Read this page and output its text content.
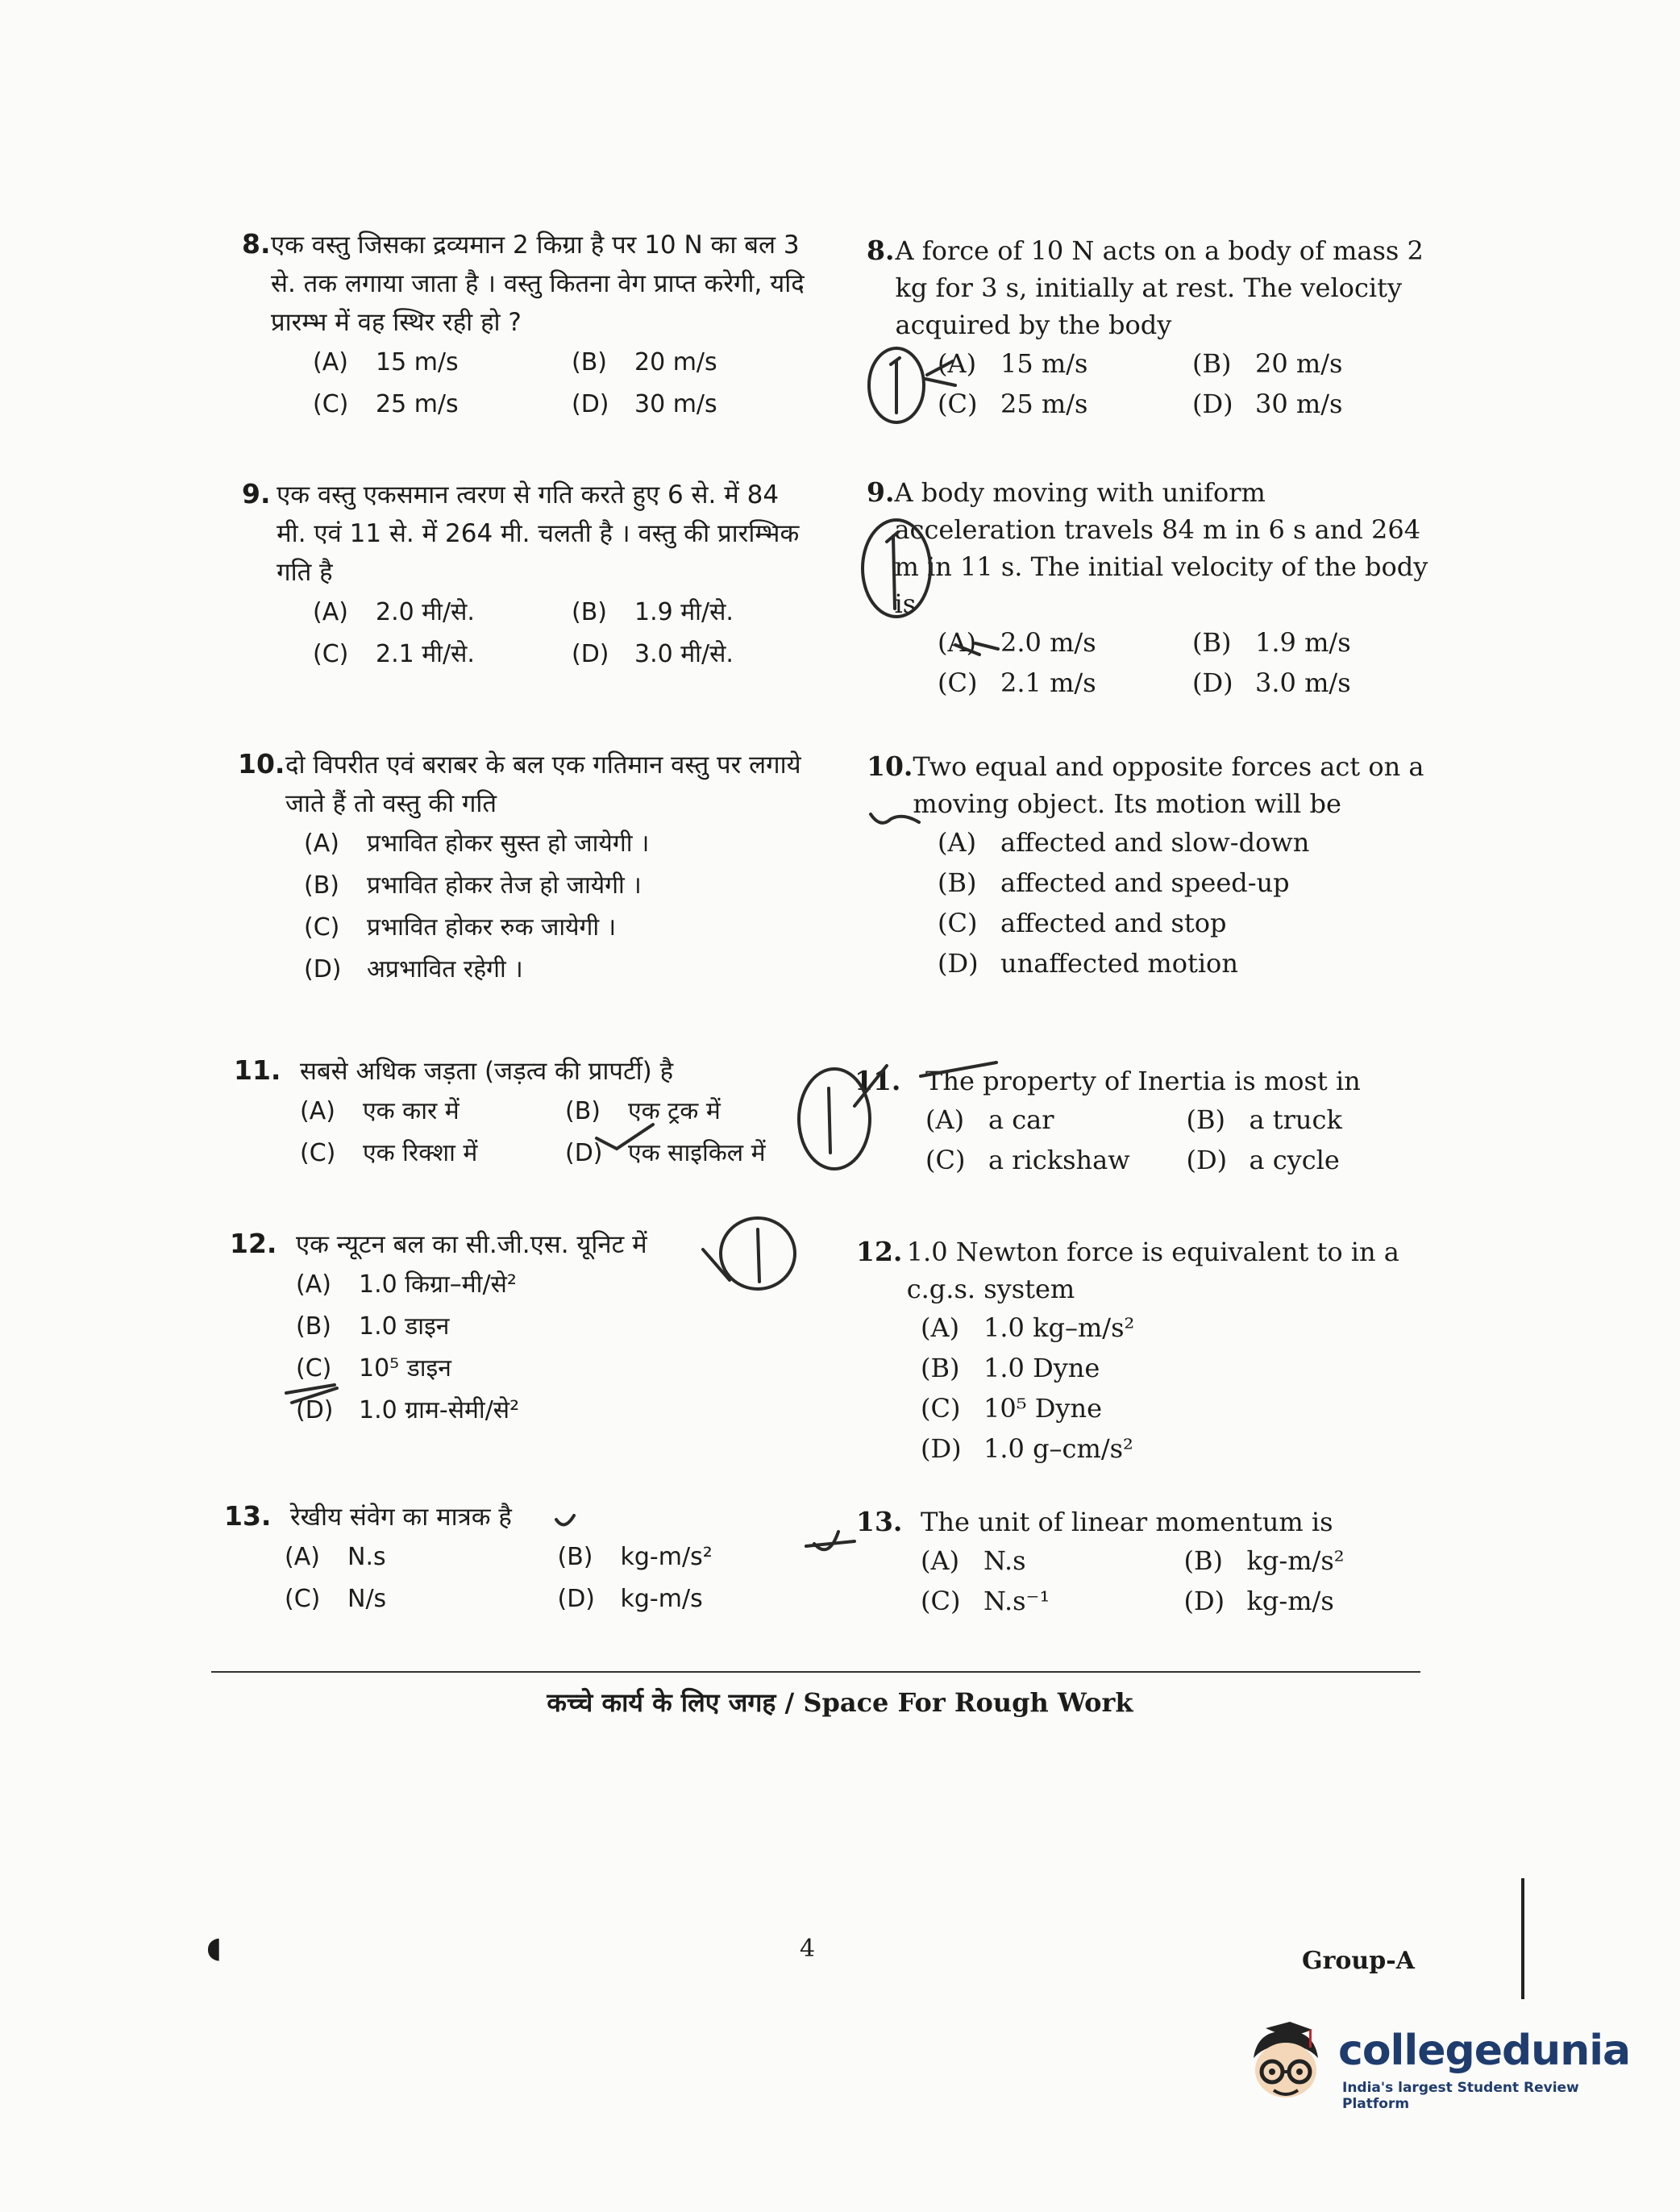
8. एक वस्तु जिसका द्रव्यमान 2 किग्रा है पर 10 N का बल 3 से. तक लगाया जाता है । वस्तु कितना वेग प्राप्त करेगी, यदि प्रारम्भ में वह स्थिर रही हो ?
(A) 15 m/s	(B) 20 m/s
(C) 25 m/s	(D) 30 m/s
9. एक वस्तु एकसमान त्वरण से गति करते हुए 6 से. में 84 मी. एवं 11 से. में 264 मी. चलती है । वस्तु की प्रारम्भिक गति है
(A) 2.0 मी/से.	(B) 1.9 मी/से.
(C) 2.1 मी/से.	(D) 3.0 मी/से.
10. दो विपरीत एवं बराबर के बल एक गतिमान वस्तु पर लगाये जाते हैं तो वस्तु की गति
(A) प्रभावित होकर सुस्त हो जायेगी ।
(B) प्रभावित होकर तेज हो जायेगी ।
(C) प्रभावित होकर रुक जायेगी ।
(D) अप्रभावित रहेगी ।
11. सबसे अधिक जड़ता (जड़त्व की प्रापर्टी) है
(A) एक कार में	(B) एक ट्रक में
(C) एक रिक्शा में	(D) एक साइकिल में
12. एक न्यूटन बल का सी.जी.एस. यूनिट में
(A) 1.0 किग्रा–मी/से²
(B) 1.0 डाइन
(C) 10⁵ डाइन
(D) 1.0 ग्राम-सेमी/से²
13. रेखीय संवेग का मात्रक है
(A) N.s	(B) kg-m/s²
(C) N/s	(D) kg-m/s
8. A force of 10 N acts on a body of mass 2 kg for 3 s, initially at rest. The velocity acquired by the body
(A) 15 m/s	(B) 20 m/s
(C) 25 m/s	(D) 30 m/s
9. A body moving with uniform acceleration travels 84 m in 6 s and 264 m in 11 s. The initial velocity of the body is
(A) 2.0 m/s	(B) 1.9 m/s
(C) 2.1 m/s	(D) 3.0 m/s
10. Two equal and opposite forces act on a moving object. Its motion will be
(A) affected and slow-down
(B) affected and speed-up
(C) affected and stop
(D) unaffected motion
11. The property of Inertia is most in
(A) a car	(B) a truck
(C) a rickshaw	(D) a cycle
12. 1.0 Newton force is equivalent to in a c.g.s. system
(A) 1.0 kg–m/s²
(B) 1.0 Dyne
(C) 10⁵ Dyne
(D) 1.0 g–cm/s²
13. The unit of linear momentum is
(A) N.s	(B) kg-m/s²
(C) N.s⁻¹	(D) kg-m/s
कच्चे कार्य के लिए जगह / Space For Rough Work
◖	4	Group-A
collegedunia
India's largest Student Review Platform
